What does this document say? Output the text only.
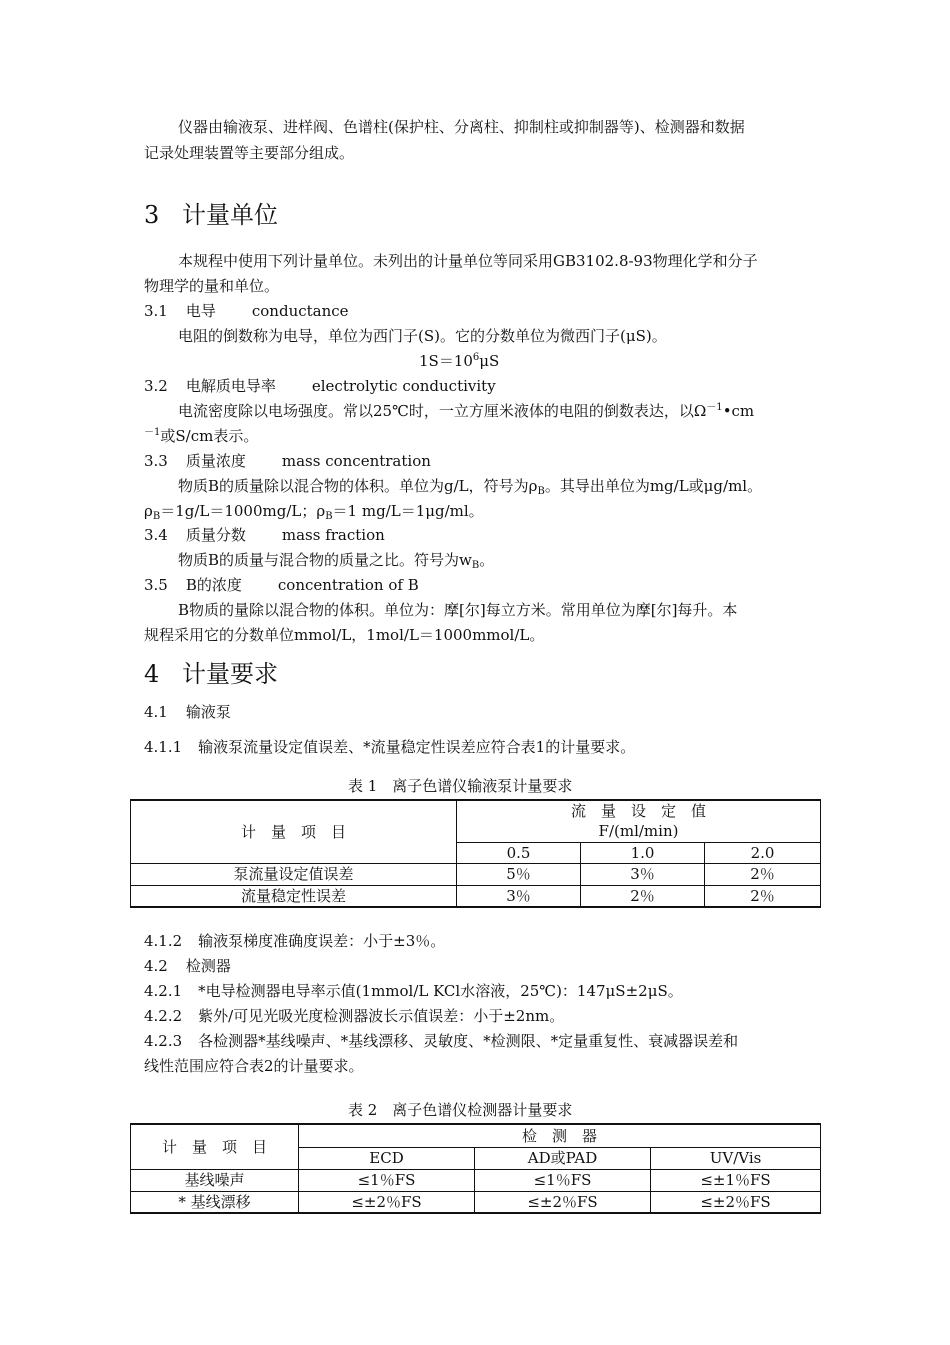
仪器由输液泵、进样阀、色谱柱(保护柱、分离柱、抑制柱或抑制器等)、检测器和数据
记录处理装置等主要部分组成。
3 计量单位
本规程中使用下列计量单位。未列出的计量单位等同采用GB3102.8-93物理化学和分子
物理学的量和单位。
3.1 电导 conductance
电阻的倒数称为电导，单位为西门子(S)。它的分数单位为微西门子(μS)。
$1S=10^6\mu S$
3.2 电解质电导率 electrolytic conductivity
电流密度除以电场强度。常以25℃时，一立方厘米液体的电阻的倒数表达，以$\Omega^{-1}•cm$
$^{-1}$或S/cm表示。
3.3 质量浓度 mass concentration
物质B的质量除以混合物的体积。单位为g/L，符号为$\rho_B$。其导出单位为mg/L或μg/ml。
$\rho_B=1g/L=1000mg/L$；$\rho_B=1$ mg/L＝1μg/ml。
3.4 质量分数 mass fraction
物质B的质量与混合物的质量之比。符号为$w_B$。
3.5 B的浓度 concentration of B
B物质的量除以混合物的体积。单位为：摩[尔]每立方米。常用单位为摩[尔]每升。本
规程采用它的分数单位mmol/L，1mol/L＝1000mmol/L。
4 计量要求
4.1 输液泵
4.1.1 输液泵流量设定值误差、*流量稳定性误差应符合表1的计量要求。
表 1　离子色谱仪输液泵计量要求
计　量　项　目	流　量　设　定　值
F/(ml/min)		

	0.5	1.0	2.0
泵流量设定值误差	5％	3％	2％
流量稳定性误差	3％	2％	2％
4.1.2 输液泵梯度准确度误差：小于±3％。
4.2 检测器
4.2.1 *电导检测器电导率示值(1mmol/L KCl水溶液，25℃)：147μS±2μS。
4.2.2 紫外/可见光吸光度检测器波长示值误差：小于±2nm。
4.2.3 各检测器*基线噪声、*基线漂移、灵敏度、*检测限、*定量重复性、衰减器误差和
线性范围应符合表2的计量要求。
表 2　离子色谱仪检测器计量要求
计　量　项　目	检　测　器		
	ECD	AD或PAD	UV/Vis
基线噪声	≤1％FS	≤1％FS	≤±1％FS
* 基线漂移	≤±2％FS	≤±2％FS	≤±2％FS
